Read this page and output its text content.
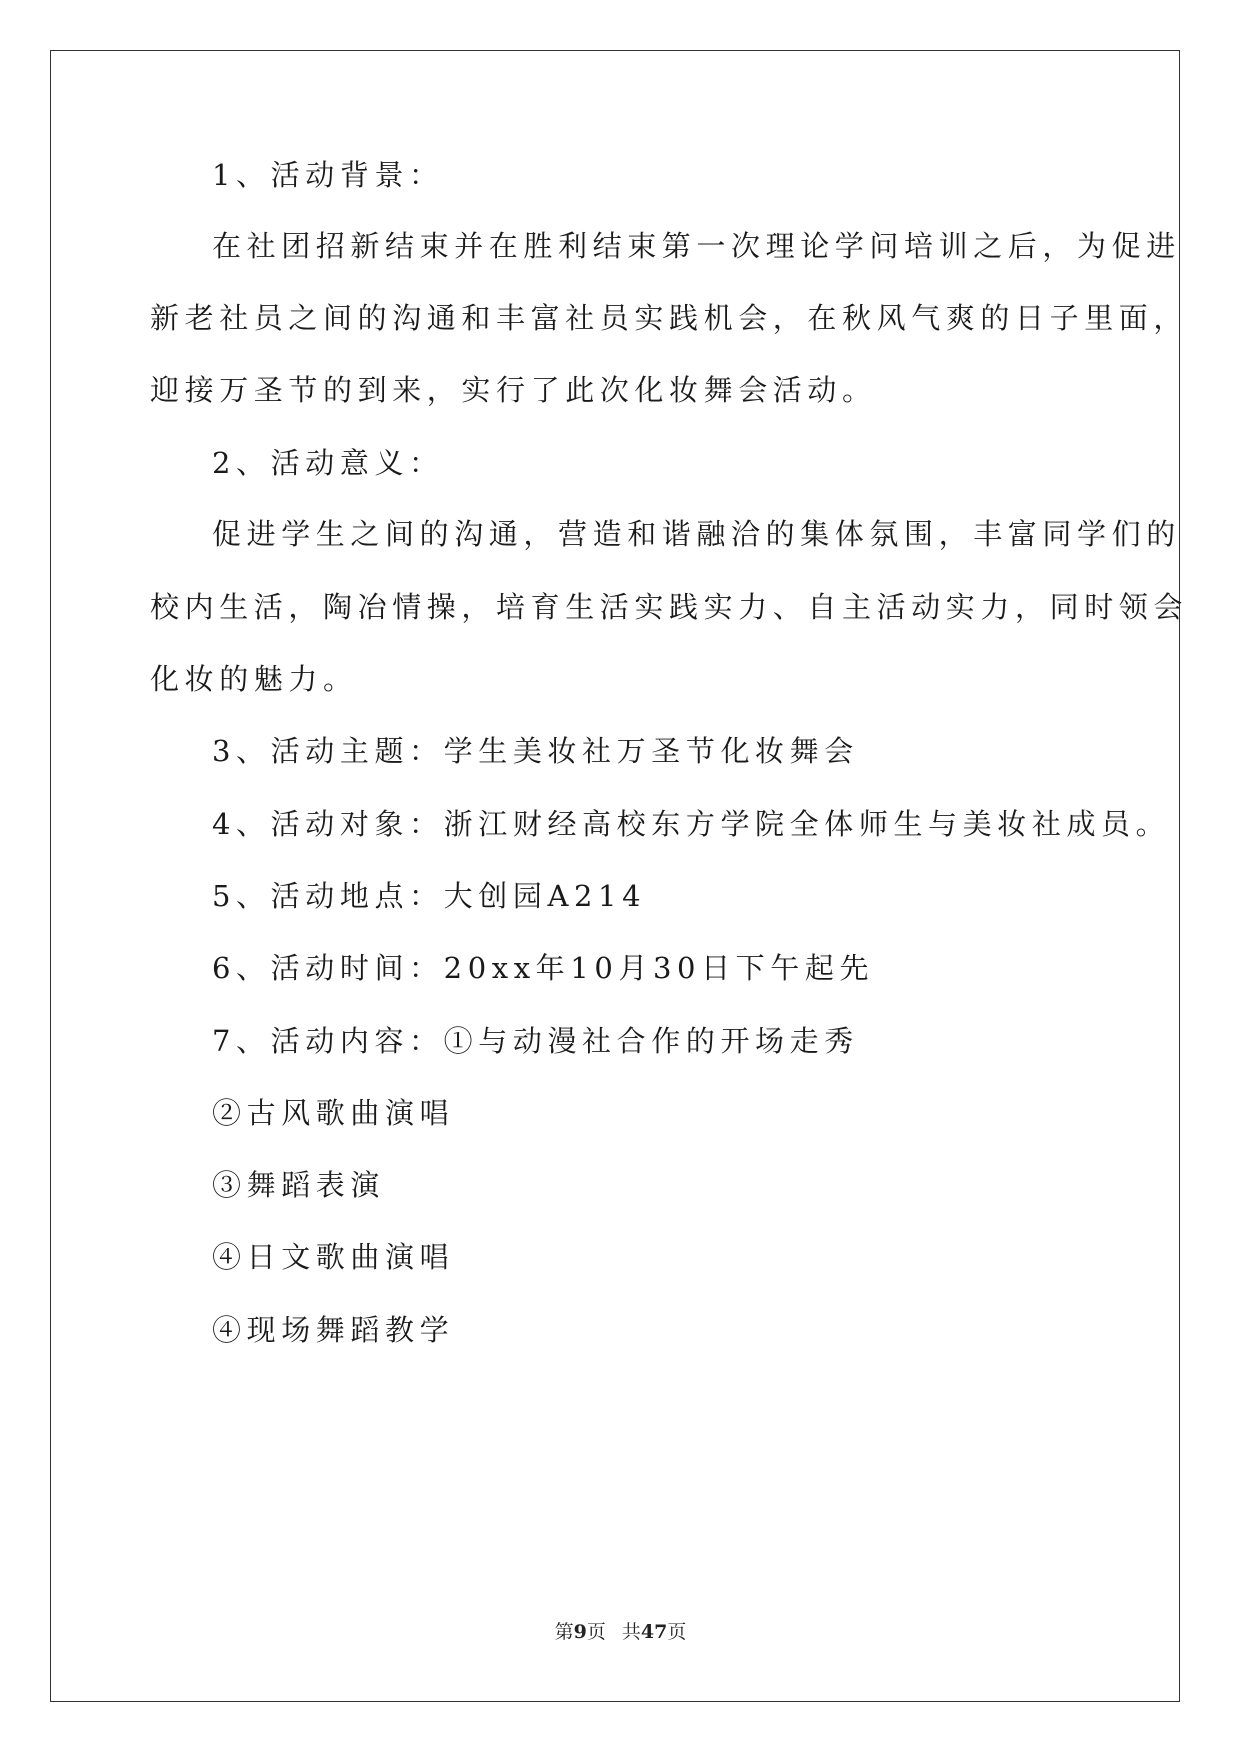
1、活动背景：
在社团招新结束并在胜利结束第一次理论学问培训之后，为促进
新老社员之间的沟通和丰富社员实践机会，在秋风气爽的日子里面，
迎接万圣节的到来，实行了此次化妆舞会活动。
2、活动意义：
促进学生之间的沟通，营造和谐融洽的集体氛围，丰富同学们的
校内生活，陶冶情操，培育生活实践实力、自主活动实力，同时领会
化妆的魅力。
3、活动主题：学生美妆社万圣节化妆舞会
4、活动对象：浙江财经高校东方学院全体师生与美妆社成员。
5、活动地点：大创园A214
6、活动时间：20xx年10月30日下午起先
7、活动内容：①与动漫社合作的开场走秀
②古风歌曲演唱
③舞蹈表演
④日文歌曲演唱
④现场舞蹈教学
第9页 共47页
